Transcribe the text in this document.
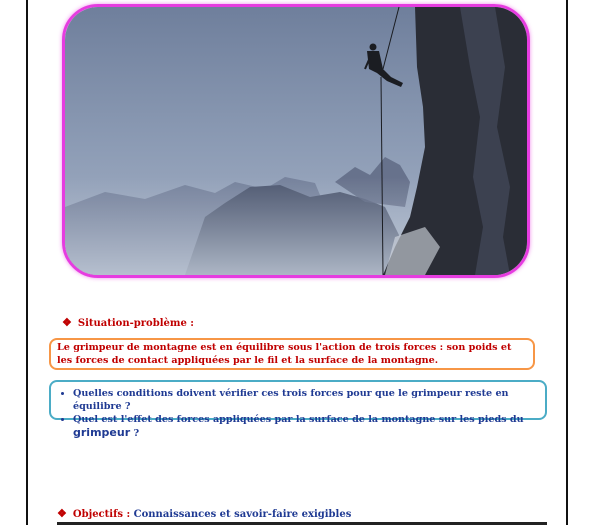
❖ Situation-problème :
Le grimpeur de montagne est en équilibre sous l'action de trois forces : son poids et les forces de contact appliquées par le fil et la surface de la montagne.
• Quelles conditions doivent vérifier ces trois forces pour que le grimpeur reste en équilibre ?
• Quel est l'effet des forces appliquées par la surface de la montagne sur les pieds du grimpeur ?
❖ Objectifs : Connaissances et savoir-faire exigibles
